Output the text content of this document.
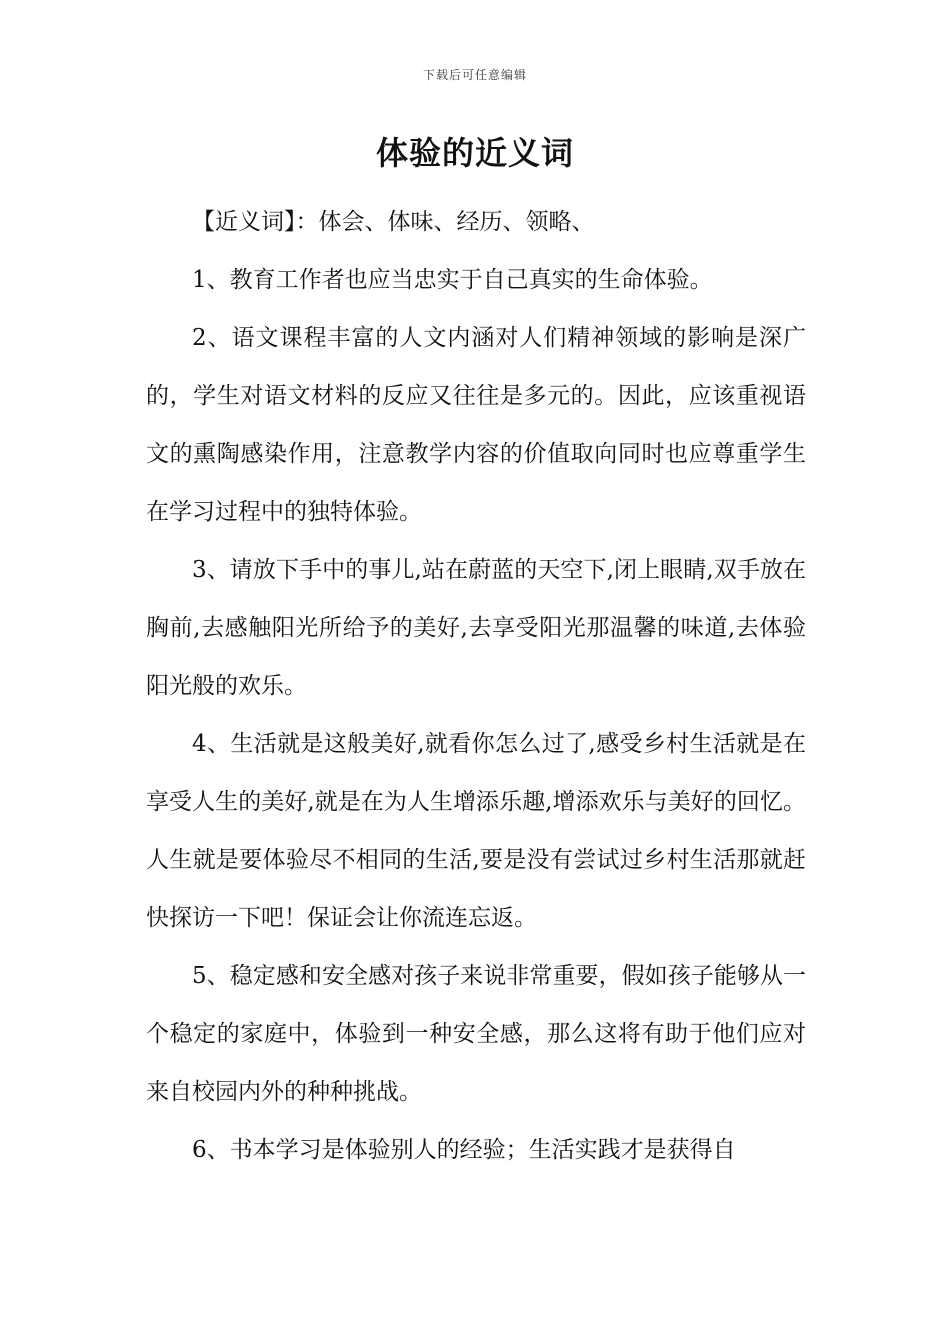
下载后可任意编辑
体验的近义词

【近义词】：体会、体味、经历、领略、

1、教育工作者也应当忠实于自己真实的生命体验。

2、语文课程丰富的人文内涵对人们精神领域的影响是深广的，学生对语文材料的反应又往往是多元的。因此，应该重视语文的熏陶感染作用，注意教学内容的价值取向同时也应尊重学生在学习过程中的独特体验。

3、请放下手中的事儿,站在蔚蓝的天空下,闭上眼睛,双手放在胸前,去感触阳光所给予的美好,去享受阳光那温馨的味道,去体验阳光般的欢乐。

4、生活就是这般美好,就看你怎么过了,感受乡村生活就是在享受人生的美好,就是在为人生增添乐趣,增添欢乐与美好的回忆。人生就是要体验尽不相同的生活,要是没有尝试过乡村生活那就赶快探访一下吧！保证会让你流连忘返。

5、稳定感和安全感对孩子来说非常重要，假如孩子能够从一个稳定的家庭中，体验到一种安全感，那么这将有助于他们应对来自校园内外的种种挑战。

6、书本学习是体验别人的经验；生活实践才是获得自
